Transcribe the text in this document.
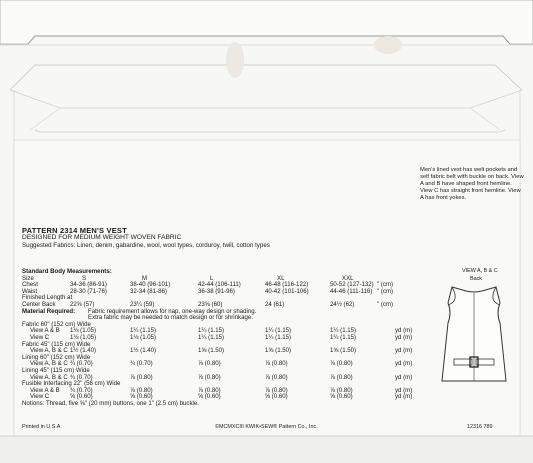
PATTERN 2314 MEN'S VEST
DESIGNED FOR MEDIUM WEIGHT WOVEN FABRIC
Suggested Fabrics: Linen, denim, gabardine, wool, wool types, corduroy, twill, cotton types
Men's lined vest has welt pockets and self fabric belt with buckle on back. View A and B have shaped front hemline. View C has straight front hemline. View A has front yokes.
Standard Body Measurements:
Size	S	M	L	XL	XXL
Chest	34-36 (86-91)	38-40 (96-101)	42-44 (106-111)	46-48 (116-122)	50-52 (127-132) " (cm)
Waist	28-30 (71-76)	32-34 (81-86)	36-38 (91-96)	40-42 (101-106)	44-46 (111-116) " (cm)
Finished Length at
Center Back 22⅝ (57)	23¼ (59)	23⅝ (60)	24 (61)	24½ (62)	" (cm)
Material Required: Fabric requirement allows for nap, one-way design or shading.
Extra fabric may be needed to match design or for shrinkage.
Fabric 60" (152 cm) Wide
View A & B 1⅛ (1.05)	1¼ (1.15)	1¼ (1.15)	1¼ (1.15)	1¼ (1.15)	yd (m)
View C	1⅛ (1.05)	1⅛ (1.05)	1¼ (1.15)	1¼ (1.15)	1¼ (1.15)	yd (m)
Fabric 45" (115 cm) Wide
View A, B & C 1½ (1.40)	1½ (1.40)	1⅝ (1.50)	1⅝ (1.50)	1⅝ (1.50)	yd (m)
Lining 60" (152 cm) Wide
View A, B & C ¾ (0.70)	¾ (0.70)	⅞ (0.80)	⅞ (0.80)	⅞ (0.80)	yd (m)
Lining 45" (115 cm) Wide
View A, B & C ¾ (0.70)	⅞ (0.80)	⅞ (0.80)	⅞ (0.80)	⅞ (0.80)	yd (m)
Fusible Interfacing 22" (56 cm) Wide
View A & B ¾ (0.70)	⅞ (0.80)	⅞ (0.80)	⅞ (0.80)	⅞ (0.80)	yd (m)
View C	⅝ (0.60)	⅝ (0.60)	⅝ (0.60)	⅝ (0.60)	⅝ (0.60)	yd (m)
Notions: Thread, five ⅝" (20 mm) buttons, one 1" (2.5 cm) buckle.
VIEW A, B & C
Back
Printed in U.S.A	©MCMXCIII KWIK•SEW® Pattern Co., Inc.	12316 789
